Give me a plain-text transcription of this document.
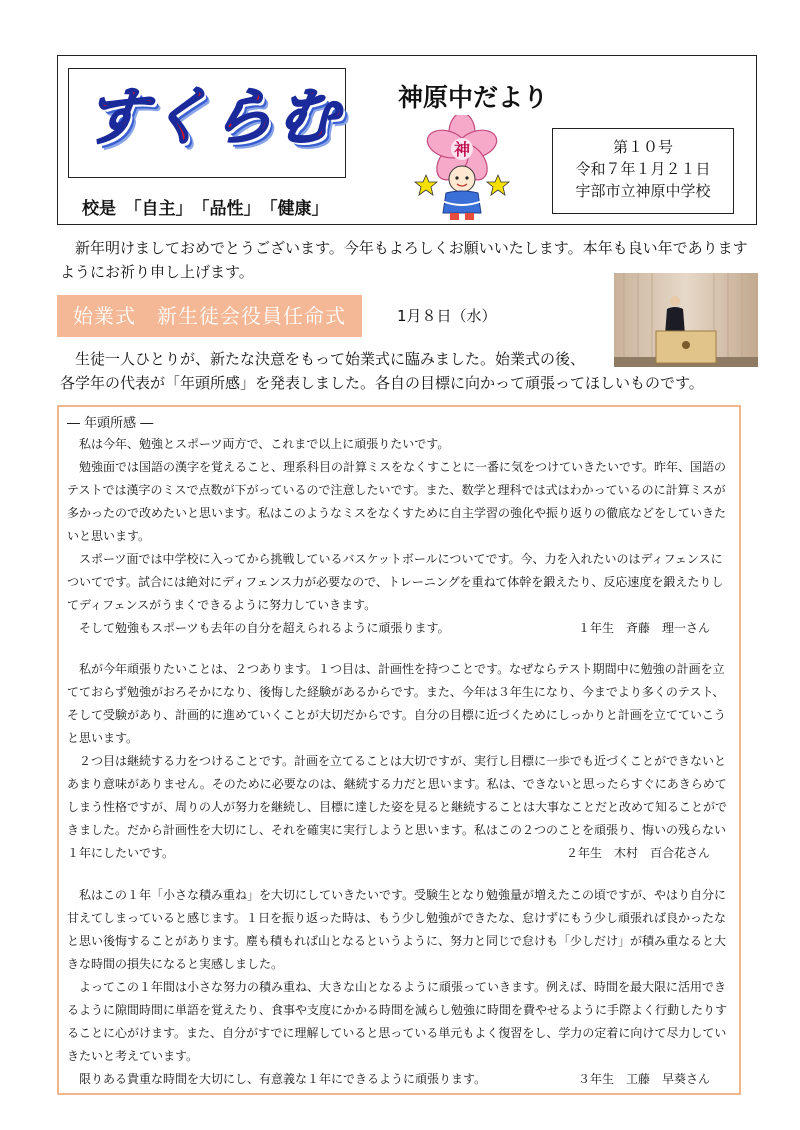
すくらむ 神原中だより
校是　「自主」　「品性」　「健康」
神	第１０号
令和７年１月２１日
宇部市立神原中学校
新年明けましておめでとうございます。今年もよろしくお願いいたします。本年も良い年でありますようにお祈り申し上げます。
始業式　新生徒会役員任命式	1月８日（水）
生徒一人ひとりが、新たな決意をもって始業式に臨みました。始業式の後、
各学年の代表が「年頭所感」を発表しました。各自の目標に向かって頑張ってほしいものです。
― 年頭所感 ―
　私は今年、勉強とスポーツ両方で、これまで以上に頑張りたいです。
　勉強面では国語の漢字を覚えること、理系科目の計算ミスをなくすことに一番に気をつけていきたいです。昨年、国語の
テストでは漢字のミスで点数が下がっているので注意したいです。また、数学と理科では式はわかっているのに計算ミスが
多かったので改めたいと思います。私はこのようなミスをなくすために自主学習の強化や振り返りの徹底などをしていきた
いと思います。
　スポーツ面では中学校に入ってから挑戦しているバスケットボールについてです。今、力を入れたいのはディフェンスに
ついてです。試合には絶対にディフェンス力が必要なので、トレーニングを重ねて体幹を鍛えたり、反応速度を鍛えたりし
てディフェンスがうまくできるように努力していきます。
　そして勉強もスポーツも去年の自分を超えられるように頑張ります。	１年生　斉藤　理一さん
　私が今年頑張りたいことは、２つあります。１つ目は、計画性を持つことです。なぜならテスト期間中に勉強の計画を立
てておらず勉強がおろそかになり、後悔した経験があるからです。また、今年は３年生になり、今までより多くのテスト、
そして受験があり、計画的に進めていくことが大切だからです。自分の目標に近づくためにしっかりと計画を立てていこう
と思います。
　２つ目は継続する力をつけることです。計画を立てることは大切ですが、実行し目標に一歩でも近づくことができないと
あまり意味がありません。そのために必要なのは、継続する力だと思います。私は、できないと思ったらすぐにあきらめて
しまう性格ですが、周りの人が努力を継続し、目標に達した姿を見ると継続することは大事なことだと改めて知ることがで
きました。だから計画性を大切にし、それを確実に実行しようと思います。私はこの２つのことを頑張り、悔いの残らない
１年にしたいです。	２年生　木村　百合花さん
　私はこの１年「小さな積み重ね」を大切にしていきたいです。受験生となり勉強量が増えたこの頃ですが、やはり自分に
甘えてしまっていると感じます。１日を振り返った時は、もう少し勉強ができたな、怠けずにもう少し頑張れば良かったな
と思い後悔することがあります。塵も積もれば山となるというように、努力と同じで怠けも「少しだけ」が積み重なると大
きな時間の損失になると実感しました。
　よってこの１年間は小さな努力の積み重ね、大きな山となるように頑張っていきます。例えば、時間を最大限に活用でき
るように隙間時間に単語を覚えたり、食事や支度にかかる時間を減らし勉強に時間を費やせるように手際よく行動したりす
ることに心がけます。また、自分がすでに理解していると思っている単元もよく復習をし、学力の定着に向けて尽力してい
きたいと考えています。
　限りある貴重な時間を大切にし、有意義な１年にできるように頑張ります。	３年生　工藤　早葵さん
